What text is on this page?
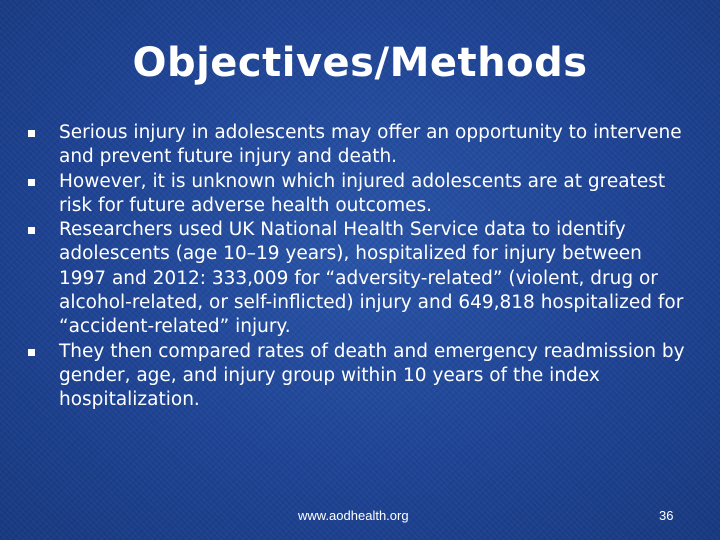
Objectives/Methods
Serious injury in adolescents may offer an opportunity to intervene and prevent future injury and death.
However, it is unknown which injured adolescents are at greatest risk for future adverse health outcomes.
Researchers used UK National Health Service data to identify adolescents (age 10–19 years), hospitalized for injury between 1997 and 2012: 333,009 for “adversity-related” (violent, drug or alcohol-related, or self-inflicted) injury and 649,818 hospitalized for “accident-related” injury.
They then compared rates of death and emergency readmission by gender, age, and injury group within 10 years of the index hospitalization.
www.aodhealth.org	36
